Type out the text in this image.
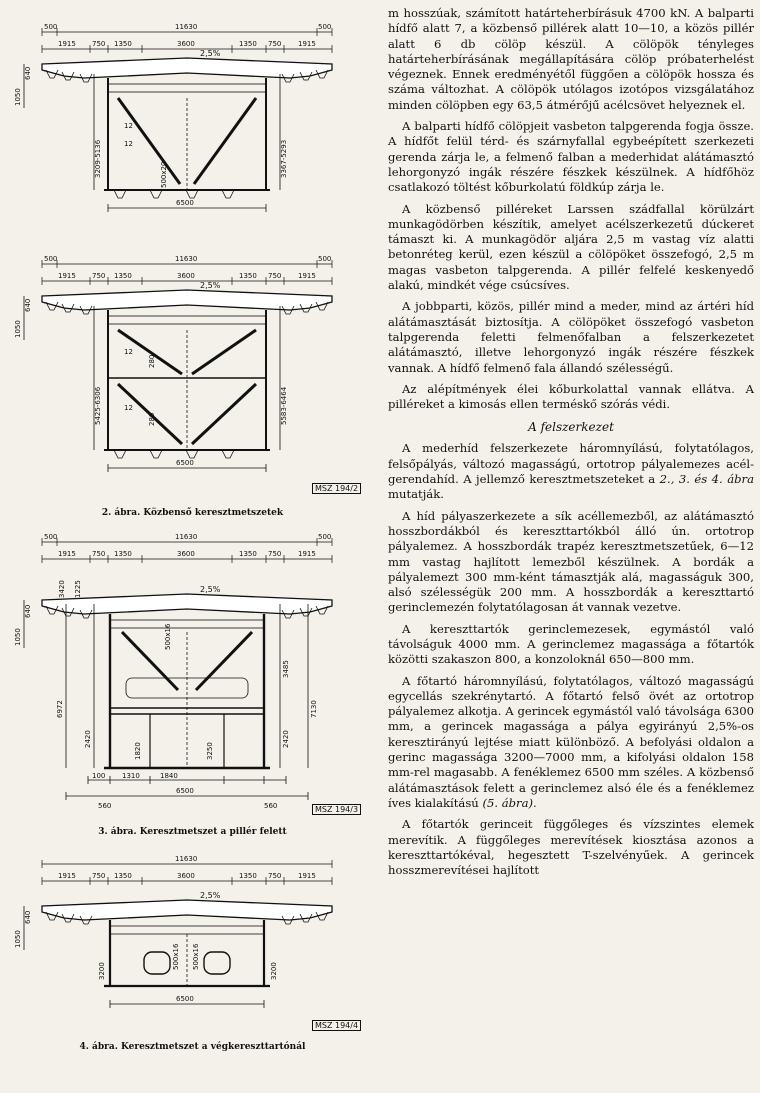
500	11630	500
1915 750 1350	3600	1350 750 1915
2,5%
640
1050
3209-5136	3367-5293
12
12
500x20
6500
500	11630	500
1915 750 1350	3600	1350 750 1915
2,5%
640
1050
5425-6306	5583-6464
12
280
12
280
6500
MSZ 194/2
2. ábra. Közbenső keresztmetszetek
500	11630	500
1915 750 1350	3600	1350 750 1915
2,5%
640
1050
3420 1225
6972	7130
3485
2420	2420
1820	3250
500x16
100 1310	1840
6500
560	560	MSZ 194/3
3. ábra. Keresztmetszet a pillér felett
11630
1915 750 1350	3600	1350 750 1915
2,5%
640
1050
3200	3200
500x16 500x16
6500
MSZ 194/4
4. ábra. Keresztmetszet a végkereszttartónál

m hosszúak, számított határteherbírásuk 4700 kN. A balparti hídfő alatt 7, a közbenső pillérek alatt 10—10, a közös pillér alatt 6 db cölöp készül. A cölöpök tényleges határteherbírásának megállapítására cölöp próbaterhelést végeznek. Ennek eredményétől függően a cölöpök hossza és száma változhat. A cölöpök utólagos izotópos vizsgálatához minden cölöpben egy 63,5 átmérőjű acélcsövet helyeznek el.

A balparti hídfő cölöpjeit vasbeton talpgerenda fogja össze. A hídfőt felül térd- és szárnyfallal egybeépített szerkezeti gerenda zárja le, a felmenő falban a mederhidat alátámasztó lehorgonyzó ingák részére fészkek készülnek. A hídfőhöz csatlakozó töltést kőburkolatú földkúp zárja le.

A közbenső pilléreket Larssen szádfallal körülzárt munkagödörben készítik, amelyet acélszerkezetű dúckeret támaszt ki. A munkagödör aljára 2,5 m vastag víz alatti betonréteg kerül, ezen készül a cölöpöket összefogó, 2,5 m magas vasbeton talpgerenda. A pillér felfelé keskenyedő alakú, mindkét vége csúcsíves.

A jobbparti, közös, pillér mind a meder, mind az ártéri híd alátámasztását biztosítja. A cölöpöket összefogó vasbeton talpgerenda feletti felmenőfalban a felszerkezetet alátámasztó, illetve lehorgonyzó ingák részére fészkek vannak. A hídfő felmenő fala állandó szélességű.

Az alépítmények élei kőburkolattal vannak ellátva. A pilléreket a kimosás ellen terméskő szórás védi.

A felszerkezet

A mederhíd felszerkezete háromnyílású, folytatólagos, felsőpályás, változó magasságú, ortotrop pályalemezes acél-gerendahíd. A jellemző keresztmetszeteket a 2., 3. és 4. ábra mutatják.

A híd pályaszerkezete a sík acéllemezből, az alátámasztó hosszbordákból és kereszttartókból álló ún. ortotrop pályalemez. A hosszbordák trapéz keresztmetszetűek, 6—12 mm vastag hajlított lemezből készülnek. A bordák a pályalemezt 300 mm-ként támasztják alá, magasságuk 300, alsó szélességük 200 mm. A hosszbordák a kereszttartó gerinclemezén folytatólagosan át vannak vezetve.

A kereszttartók gerinclemezesek, egymástól való távolságuk 4000 mm. A gerinclemez magassága a főtartók közötti szakaszon 800, a konzoloknál 650—800 mm.

A főtartó háromnyílású, folytatólagos, változó magasságú egycellás szekrénytartó. A főtartó felső övét az ortotrop pályalemez alkotja. A gerincek egymástól való távolsága 6300 mm, a gerincek magassága a pálya egyirányú 2,5%-os keresztirányú lejtése miatt különböző. A befolyási oldalon a gerinc magassága 3200—7000 mm, a kifolyási oldalon 158 mm-rel magasabb. A fenéklemez 6500 mm széles. A közbenső alátámasztások felett a gerinclemez alsó éle és a fenéklemez íves kialakítású (5. ábra).

A főtartók gerinceit függőleges és vízszintes elemek merevítik. A függőleges merevítések kiosztása azonos a kereszttartókéval, hegesztett T-szelvényűek. A gerincek hosszmerevítései hajlított
